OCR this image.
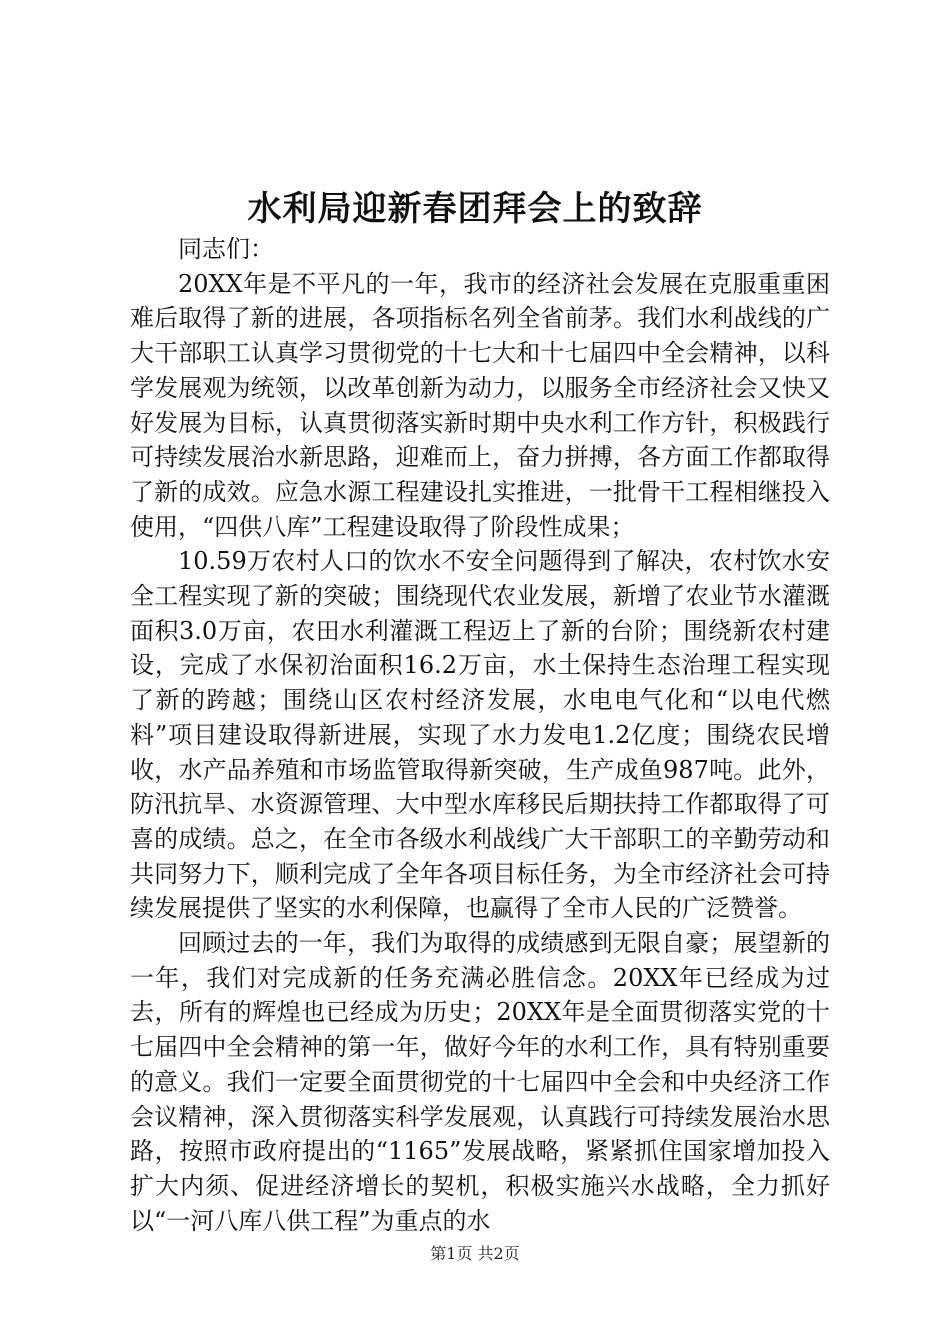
水利局迎新春团拜会上的致辞

同志们：

20XX年是不平凡的一年，我市的经济社会发展在克服重重困难后取得了新的进展，各项指标名列全省前茅。我们水利战线的广大干部职工认真学习贯彻党的十七大和十七届四中全会精神，以科学发展观为统领，以改革创新为动力，以服务全市经济社会又快又好发展为目标，认真贯彻落实新时期中央水利工作方针，积极践行可持续发展治水新思路，迎难而上，奋力拼搏，各方面工作都取得了新的成效。应急水源工程建设扎实推进，一批骨干工程相继投入使用，“四供八库”工程建设取得了阶段性成果；

10.59万农村人口的饮水不安全问题得到了解决，农村饮水安全工程实现了新的突破；围绕现代农业发展，新增了农业节水灌溉面积3.0万亩，农田水利灌溉工程迈上了新的台阶；围绕新农村建设，完成了水保初治面积16.2万亩，水土保持生态治理工程实现了新的跨越；围绕山区农村经济发展，水电电气化和“以电代燃料”项目建设取得新进展，实现了水力发电1.2亿度；围绕农民增收，水产品养殖和市场监管取得新突破，生产成鱼987吨。此外，防汛抗旱、水资源管理、大中型水库移民后期扶持工作都取得了可喜的成绩。总之，在全市各级水利战线广大干部职工的辛勤劳动和共同努力下，顺利完成了全年各项目标任务，为全市经济社会可持续发展提供了坚实的水利保障，也赢得了全市人民的广泛赞誉。

回顾过去的一年，我们为取得的成绩感到无限自豪；展望新的一年，我们对完成新的任务充满必胜信念。20XX年已经成为过去，所有的辉煌也已经成为历史；20XX年是全面贯彻落实党的十七届四中全会精神的第一年，做好今年的水利工作，具有特别重要的意义。我们一定要全面贯彻党的十七届四中全会和中央经济工作会议精神，深入贯彻落实科学发展观，认真践行可持续发展治水思路，按照市政府提出的“1165”发展战略，紧紧抓住国家增加投入扩大内须、促进经济增长的契机，积极实施兴水战略，全力抓好以“一河八库八供工程”为重点的水

第1页 共2页
